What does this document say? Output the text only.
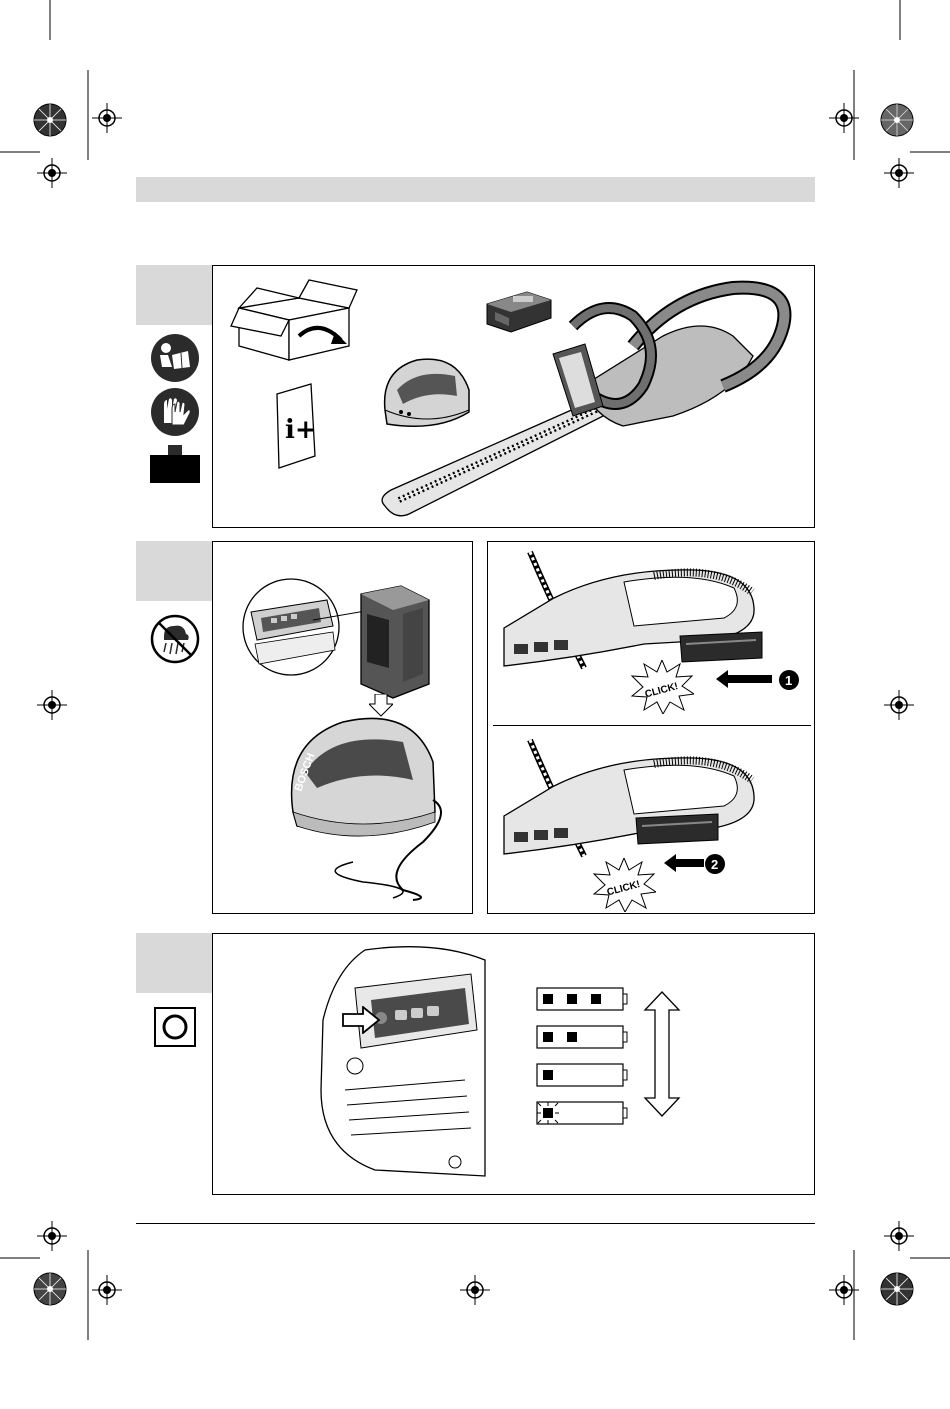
i+
BOSCH
CLICK!
1
CLICK!
2
